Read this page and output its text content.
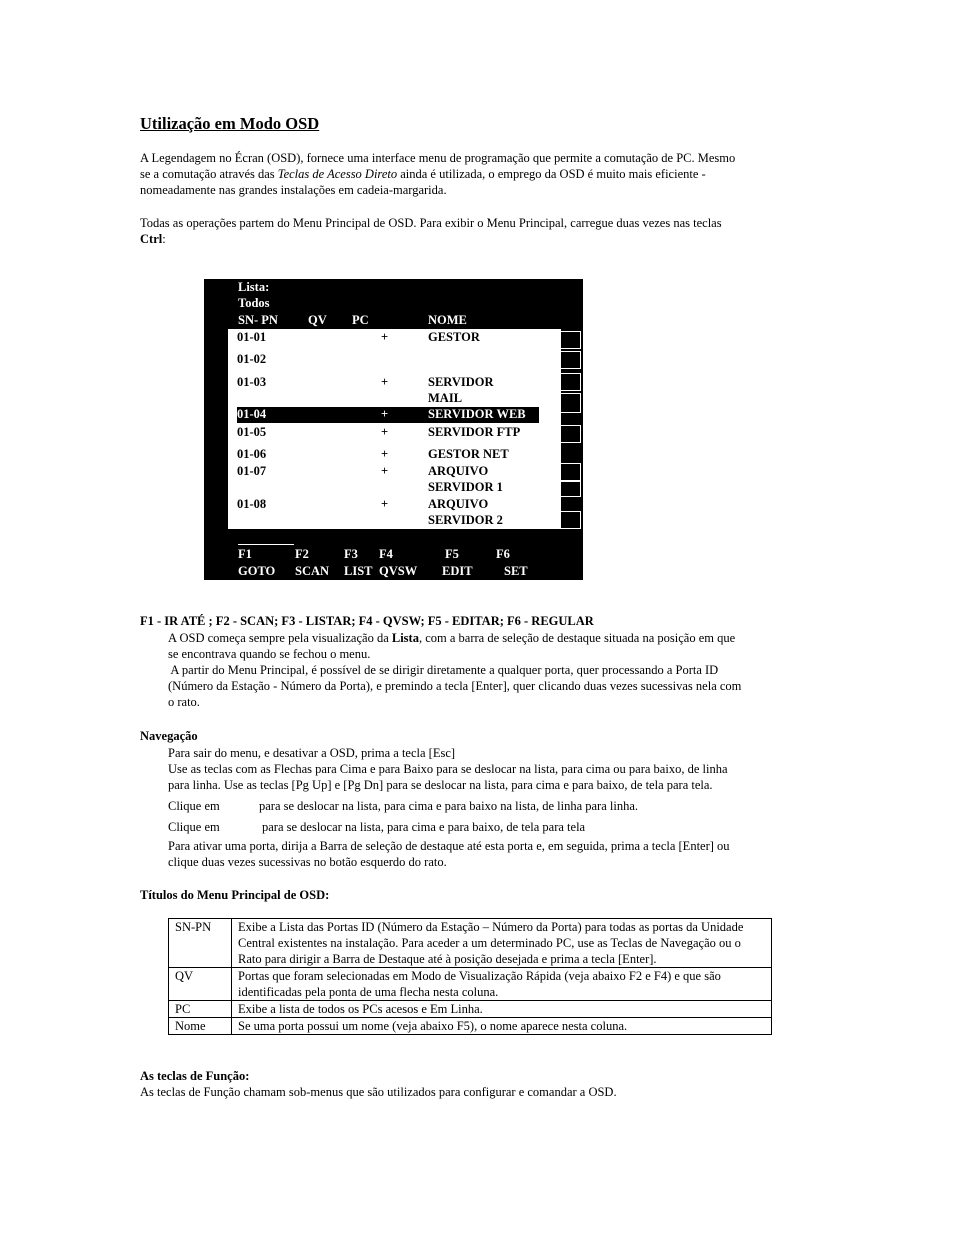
Utilização em Modo OSD
A Legendagem no Écran (OSD), fornece uma interface menu de programação que permite a comutação de PC. Mesmo
se a comutação através das Teclas de Acesso Direto ainda é utilizada, o emprego da OSD é muito mais eficiente -
nomeadamente nas grandes instalações em cadeia-margarida.
Todas as operações partem do Menu Principal de OSD. Para exibir o Menu Principal, carregue duas vezes nas teclas
Ctrl:
Lista:
Todos
SN- PN QV PC	NOME
01-01	+	GESTOR
01-02
01-03	+	SERVIDOR
MAIL
01-04	+	SERVIDOR WEB
01-05	+	SERVIDOR FTP
01-06	+	GESTOR NET
01-07	+	ARQUIVO
SERVIDOR 1
01-08	+	ARQUIVO
SERVIDOR 2
F1	F2	F3 F4	F5	F6
GOTO SCAN LIST QVSW EDIT	SET
F1 - IR ATÉ ; F2 - SCAN; F3 - LISTAR; F4 - QVSW; F5 - EDITAR; F6 - REGULAR
A OSD começa sempre pela visualização da Lista, com a barra de seleção de destaque situada na posição em que
se encontrava quando se fechou o menu.
A partir do Menu Principal, é possível de se dirigir diretamente a qualquer porta, quer processando a Porta ID
(Número da Estação - Número da Porta), e premindo a tecla [Enter], quer clicando duas vezes sucessivas nela com
o rato.
Navegação
Para sair do menu, e desativar a OSD, prima a tecla [Esc]
Use as teclas com as Flechas para Cima e para Baixo para se deslocar na lista, para cima ou para baixo, de linha
para linha. Use as teclas [Pg Up] e [Pg Dn] para se deslocar na lista, para cima e para baixo, de tela para tela.
Clique em	para se deslocar na lista, para cima e para baixo na lista, de linha para linha.
Clique em	para se deslocar na lista, para cima e para baixo, de tela para tela
Para ativar uma porta, dirija a Barra de seleção de destaque até esta porta e, em seguida, prima a tecla [Enter] ou
clique duas vezes sucessivas no botão esquerdo do rato.
Títulos do Menu Principal de OSD:
SN-PN	Exibe a Lista das Portas ID (Número da Estação – Número da Porta) para todas as portas da Unidade Central existentes na instalação. Para aceder a um determinado PC, use as Teclas de Navegação ou o Rato para dirigir a Barra de Destaque até à posição desejada e prima a tecla [Enter].
QV	Portas que foram selecionadas em Modo de Visualização Rápida (veja abaixo F2 e F4) e que são identificadas pela ponta de uma flecha nesta coluna.
PC	Exibe a lista de todos os PCs acesos e Em Linha.
Nome	Se uma porta possui um nome (veja abaixo F5), o nome aparece nesta coluna.
As teclas de Função:
As teclas de Função chamam sob-menus que são utilizados para configurar e comandar a OSD.
